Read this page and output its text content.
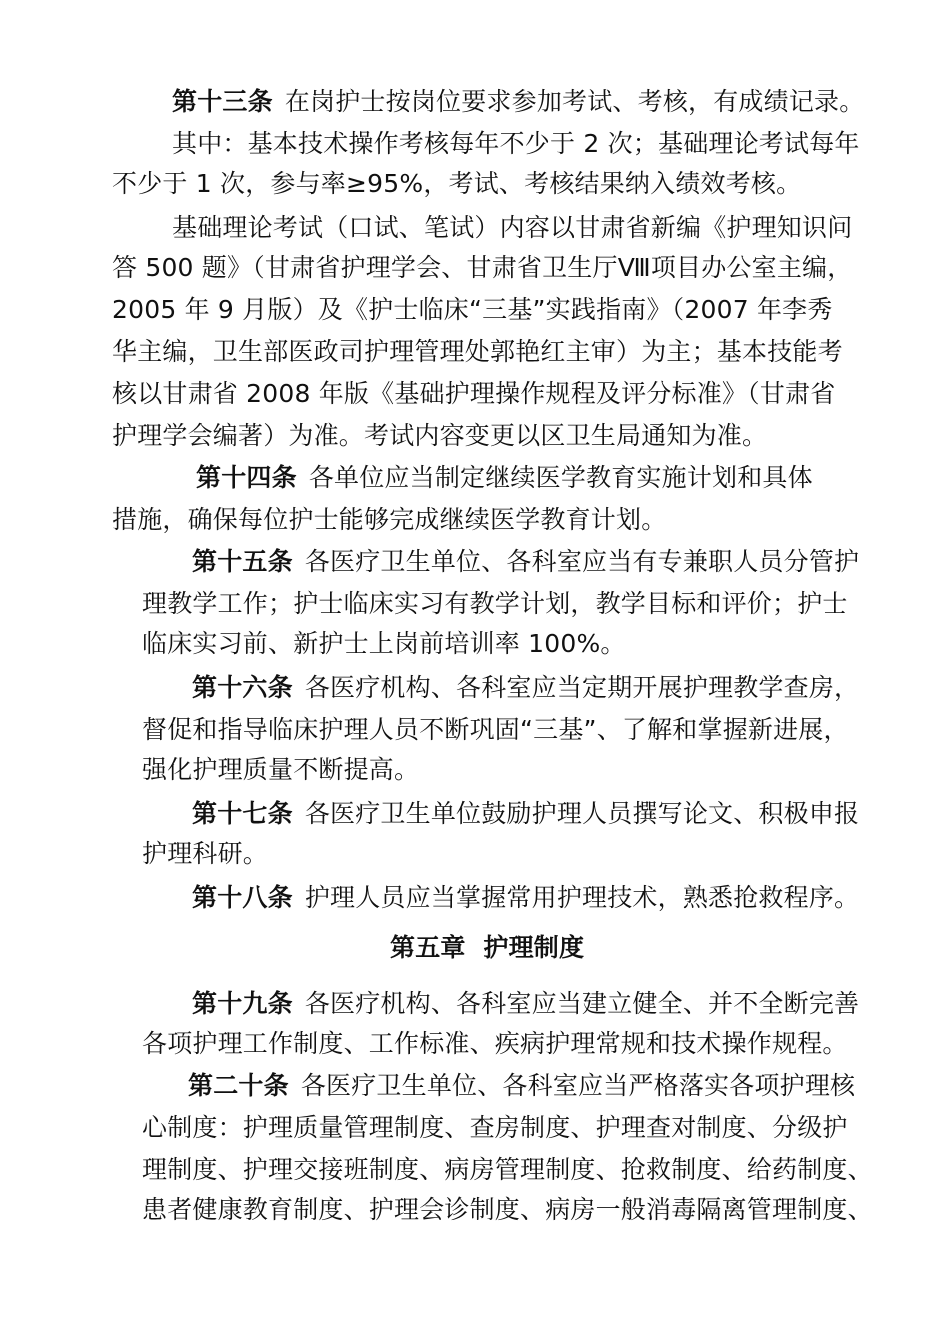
第十三条 在岗护士按岗位要求参加考试、考核，有成绩记录。
其中：基本技术操作考核每年不少于 2 次；基础理论考试每年
不少于 1 次，参与率≥95%，考试、考核结果纳入绩效考核。
基础理论考试（口试、笔试）内容以甘肃省新编《护理知识问
答 500 题》（甘肃省护理学会、甘肃省卫生厅Ⅷ项目办公室主编，
2005 年 9 月版）及《护士临床“三基”实践指南》（2007 年李秀
华主编，卫生部医政司护理管理处郭艳红主审）为主；基本技能考
核以甘肃省 2008 年版《基础护理操作规程及评分标准》（甘肃省
护理学会编著）为准。考试内容变更以区卫生局通知为准。
第十四条 各单位应当制定继续医学教育实施计划和具体
措施，确保每位护士能够完成继续医学教育计划。
第十五条 各医疗卫生单位、各科室应当有专兼职人员分管护
理教学工作；护士临床实习有教学计划，教学目标和评价；护士
临床实习前、新护士上岗前培训率 100%。
第十六条 各医疗机构、各科室应当定期开展护理教学查房，
督促和指导临床护理人员不断巩固“三基”、了解和掌握新进展，
强化护理质量不断提高。
第十七条 各医疗卫生单位鼓励护理人员撰写论文、积极申报
护理科研。
第十八条 护理人员应当掌握常用护理技术，熟悉抢救程序。
第五章  护理制度
第十九条 各医疗机构、各科室应当建立健全、并不全断完善
各项护理工作制度、工作标准、疾病护理常规和技术操作规程。
第二十条 各医疗卫生单位、各科室应当严格落实各项护理核
心制度：护理质量管理制度、查房制度、护理查对制度、分级护
理制度、护理交接班制度、病房管理制度、抢救制度、给药制度、
患者健康教育制度、护理会诊制度、病房一般消毒隔离管理制度、
